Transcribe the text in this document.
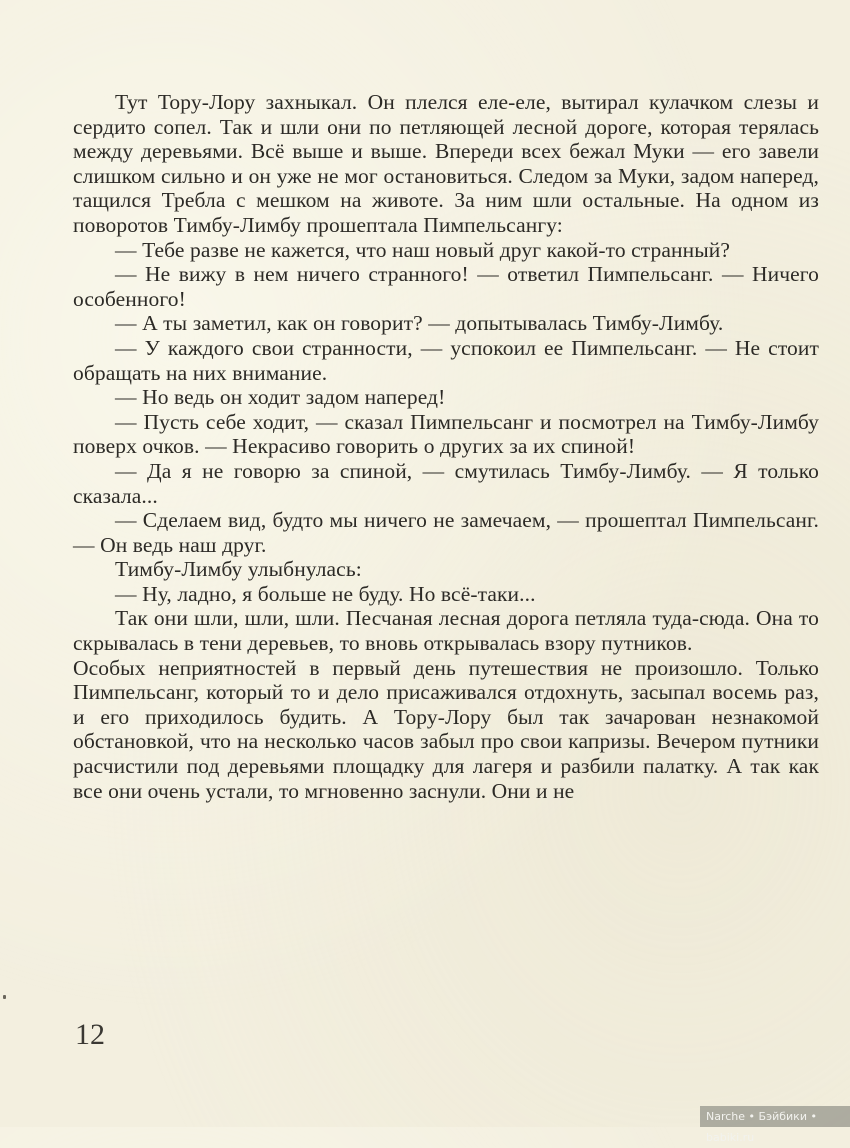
Тут Тору-Лору захныкал. Он плелся еле-еле, вытирал кулачком слезы и сердито сопел. Так и шли они по петляющей лесной дороге, которая терялась между деревьями. Всё выше и выше. Впереди всех бежал Муки — его завели слишком сильно и он уже не мог остановиться. Следом за Муки, задом наперед, тащился Требла с мешком на животе. За ним шли остальные. На одном из поворотов Тимбу-Лимбу прошептала Пимпельсангу:

— Тебе разве не кажется, что наш новый друг какой-то странный?

— Не вижу в нем ничего странного! — ответил Пимпельсанг. — Ничего особенного!

— А ты заметил, как он говорит? — допытывалась Тимбу-Лимбу.

— У каждого свои странности, — успокоил ее Пимпельсанг. — Не стоит обращать на них внимание.

— Но ведь он ходит задом наперед!

— Пусть себе ходит, — сказал Пимпельсанг и посмотрел на Тимбу-Лимбу поверх очков. — Некрасиво говорить о других за их спиной!

— Да я не говорю за спиной, — смутилась Тимбу-Лимбу. — Я только сказала...

— Сделаем вид, будто мы ничего не замечаем, — прошептал Пимпельсанг. — Он ведь наш друг.

Тимбу-Лимбу улыбнулась:

— Ну, ладно, я больше не буду. Но всё-таки...

Так они шли, шли, шли. Песчаная лесная дорога петляла туда-сюда. Она то скрывалась в тени деревьев, то вновь открывалась взору путников.

Особых неприятностей в первый день путешествия не произошло. Только Пимпельсанг, который то и дело присаживался отдохнуть, засыпал восемь раз, и его приходилось будить. А Тору-Лору был так зачарован незнакомой обстановкой, что на несколько часов забыл про свои капризы. Вечером путники расчистили под деревьями площадку для лагеря и разбили палатку. А так как все они очень устали, то мгновенно заснули. Они и не

12
Narche • Бэйбики • babiki.ru
